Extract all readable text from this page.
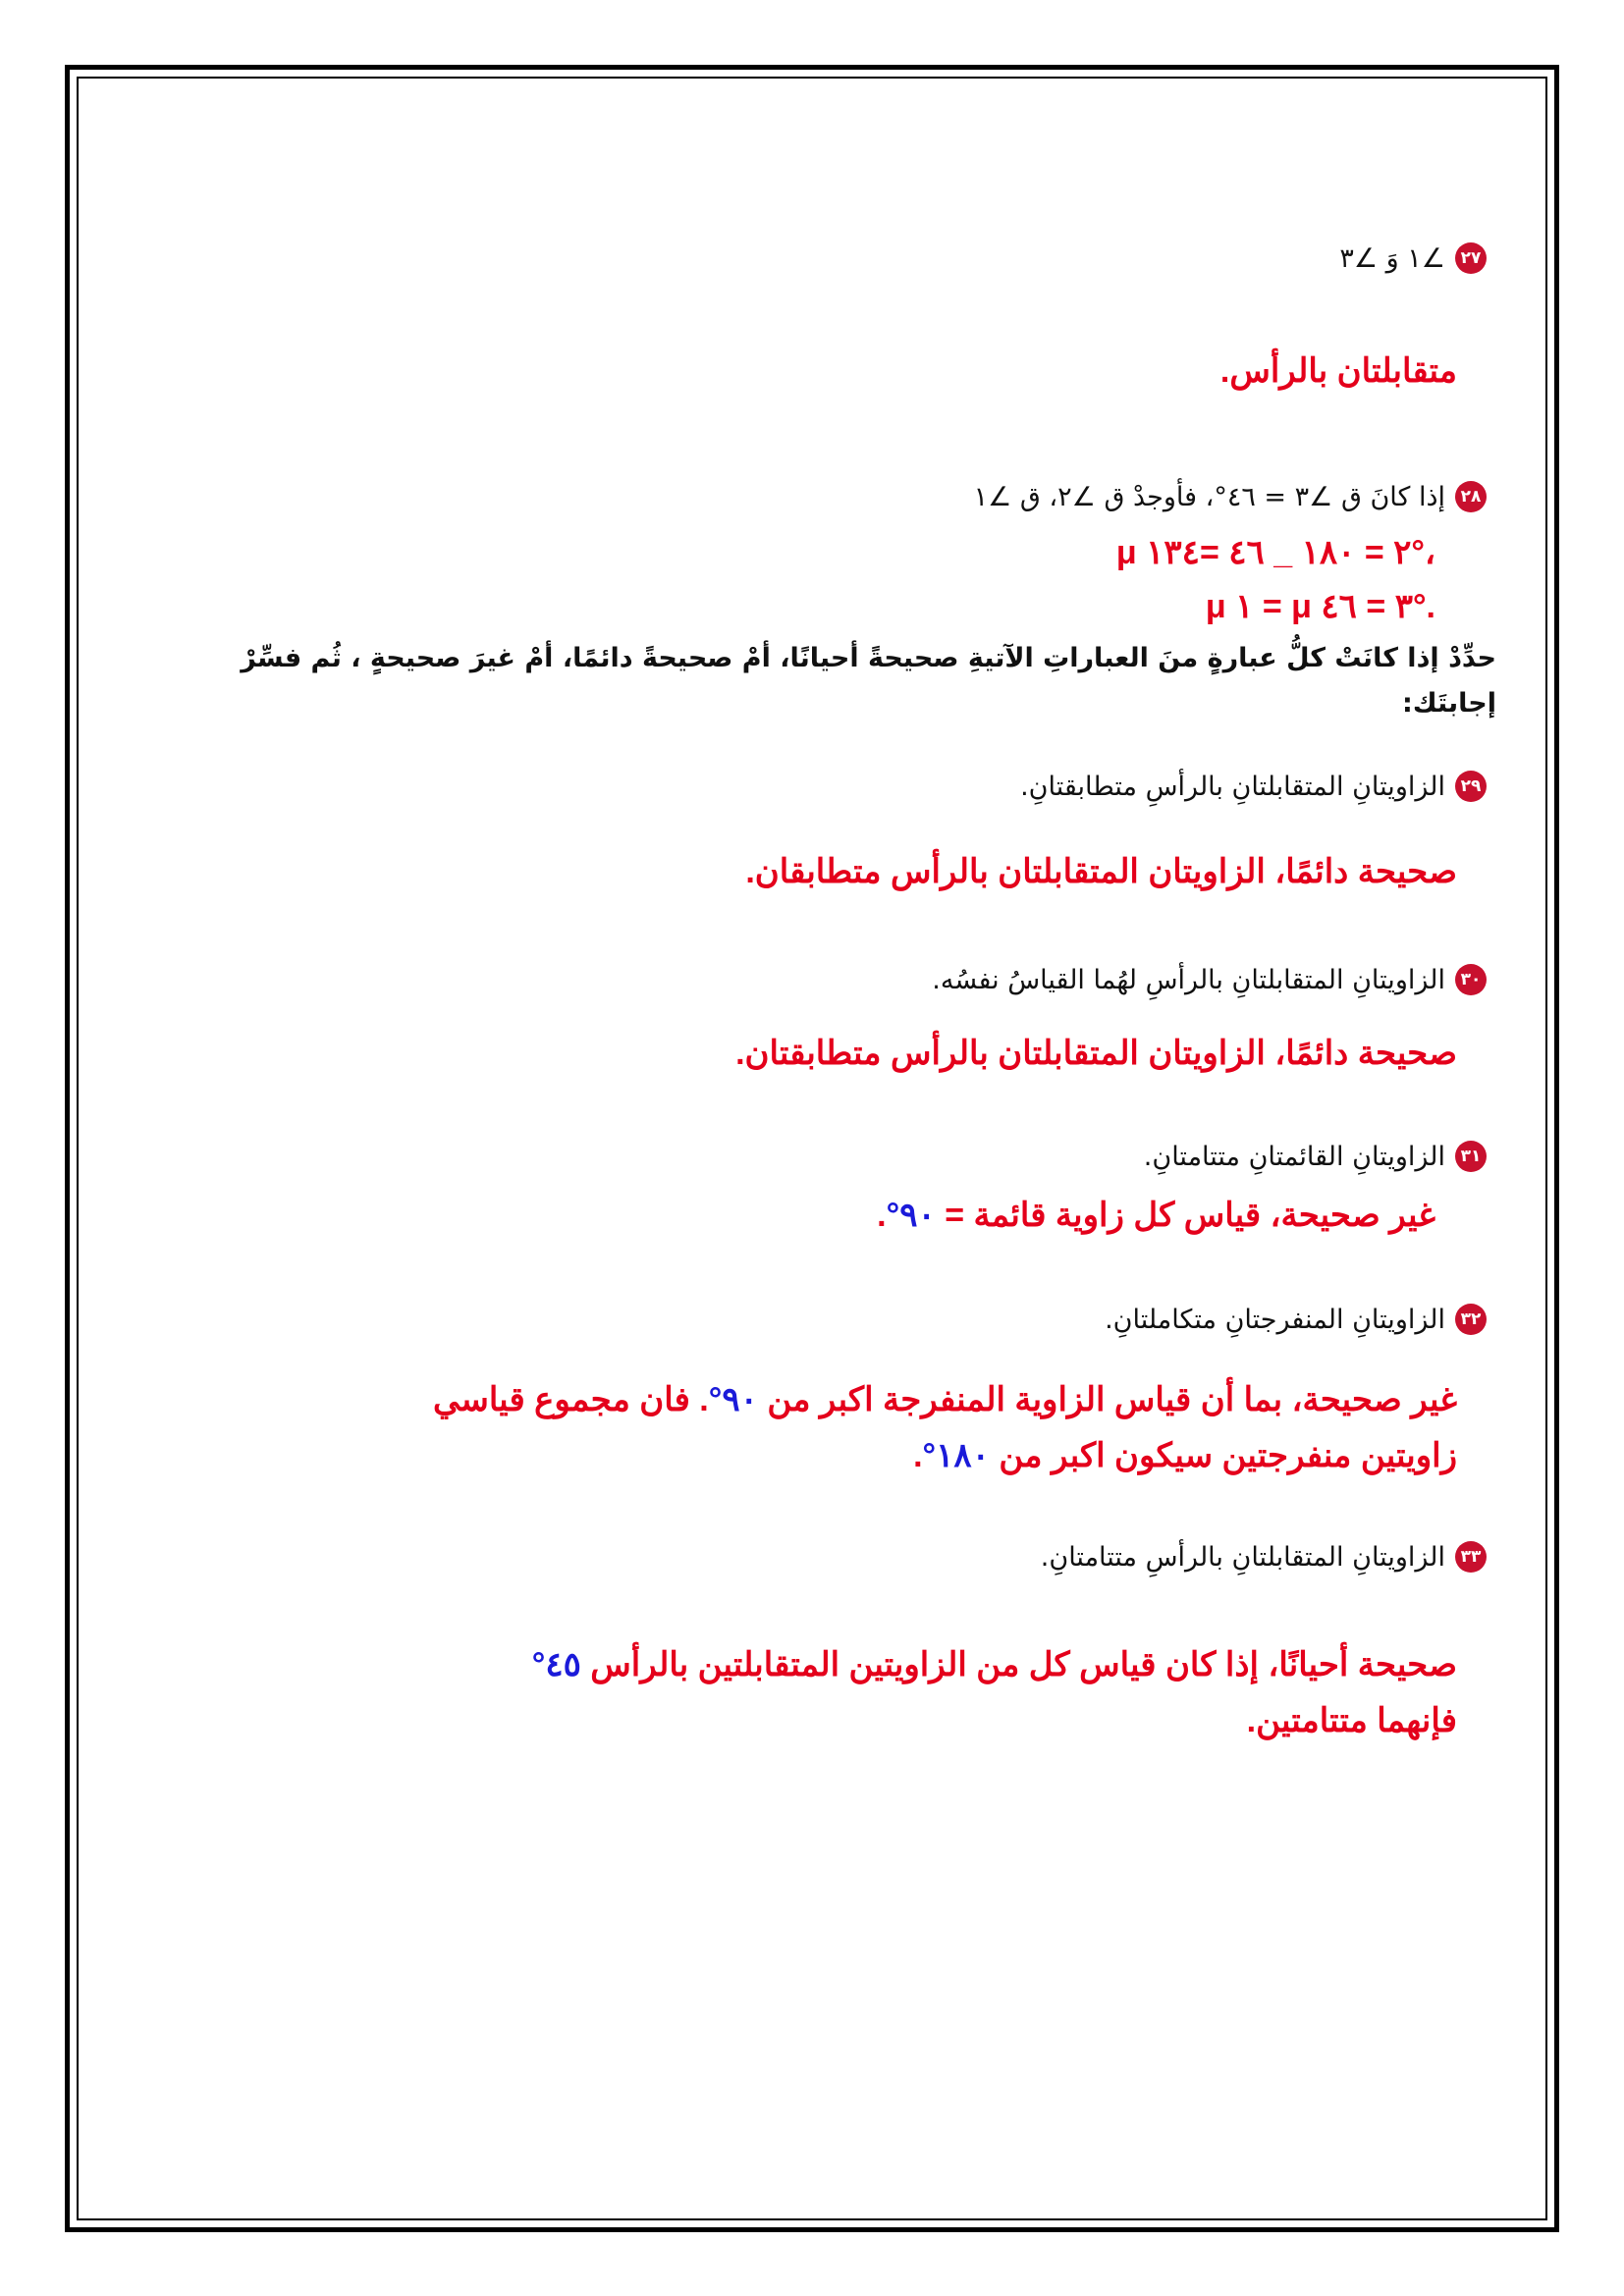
٢٧
∠١ وَ ∠٣
متقابلتان بالرأس.
٢٨
إذا كانَ ق ∠٣ = ٤٦°، فأوجدْ ق ∠٢، ق ∠١
μ ٢ = ١٨٠ _ ٤٦ =١٣٤°،
μ ١ = μ ٣ = ٤٦°.
حدِّدْ إذا كانَتْ كلُّ عبارةٍ منَ العباراتِ الآتيةِ صحيحةً أحيانًا، أمْ صحيحةً دائمًا، أمْ غيرَ صحيحةٍ ، ثُم فسِّرْ إجابتَك:
٢٩
الزاويتانِ المتقابلتانِ بالرأسِ متطابقتانِ.
صحيحة دائمًا، الزاويتان المتقابلتان بالرأس متطابقان.
٣٠
الزاويتانِ المتقابلتانِ بالرأسِ لهُما القياسُ نفسُه.
صحيحة دائمًا، الزاويتان المتقابلتان بالرأس متطابقتان.
٣١
الزاويتانِ القائمتانِ متتامتانِ.
غير صحيحة، قياس كل زاوية قائمة = ٩٠°.
٣٢
الزاويتانِ المنفرجتانِ متكاملتانِ.
غير صحيحة، بما أن قياس الزاوية المنفرجة اكبر من ٩٠°. فان مجموع قياسي
زاويتين منفرجتين سيكون اكبر من ١٨٠°.
٣٣
الزاويتانِ المتقابلتانِ بالرأسِ متتامتانِ.
صحيحة أحيانًا، إذا كان قياس كل من الزاويتين المتقابلتين بالرأس ٤٥°
فإنهما متتامتين.
